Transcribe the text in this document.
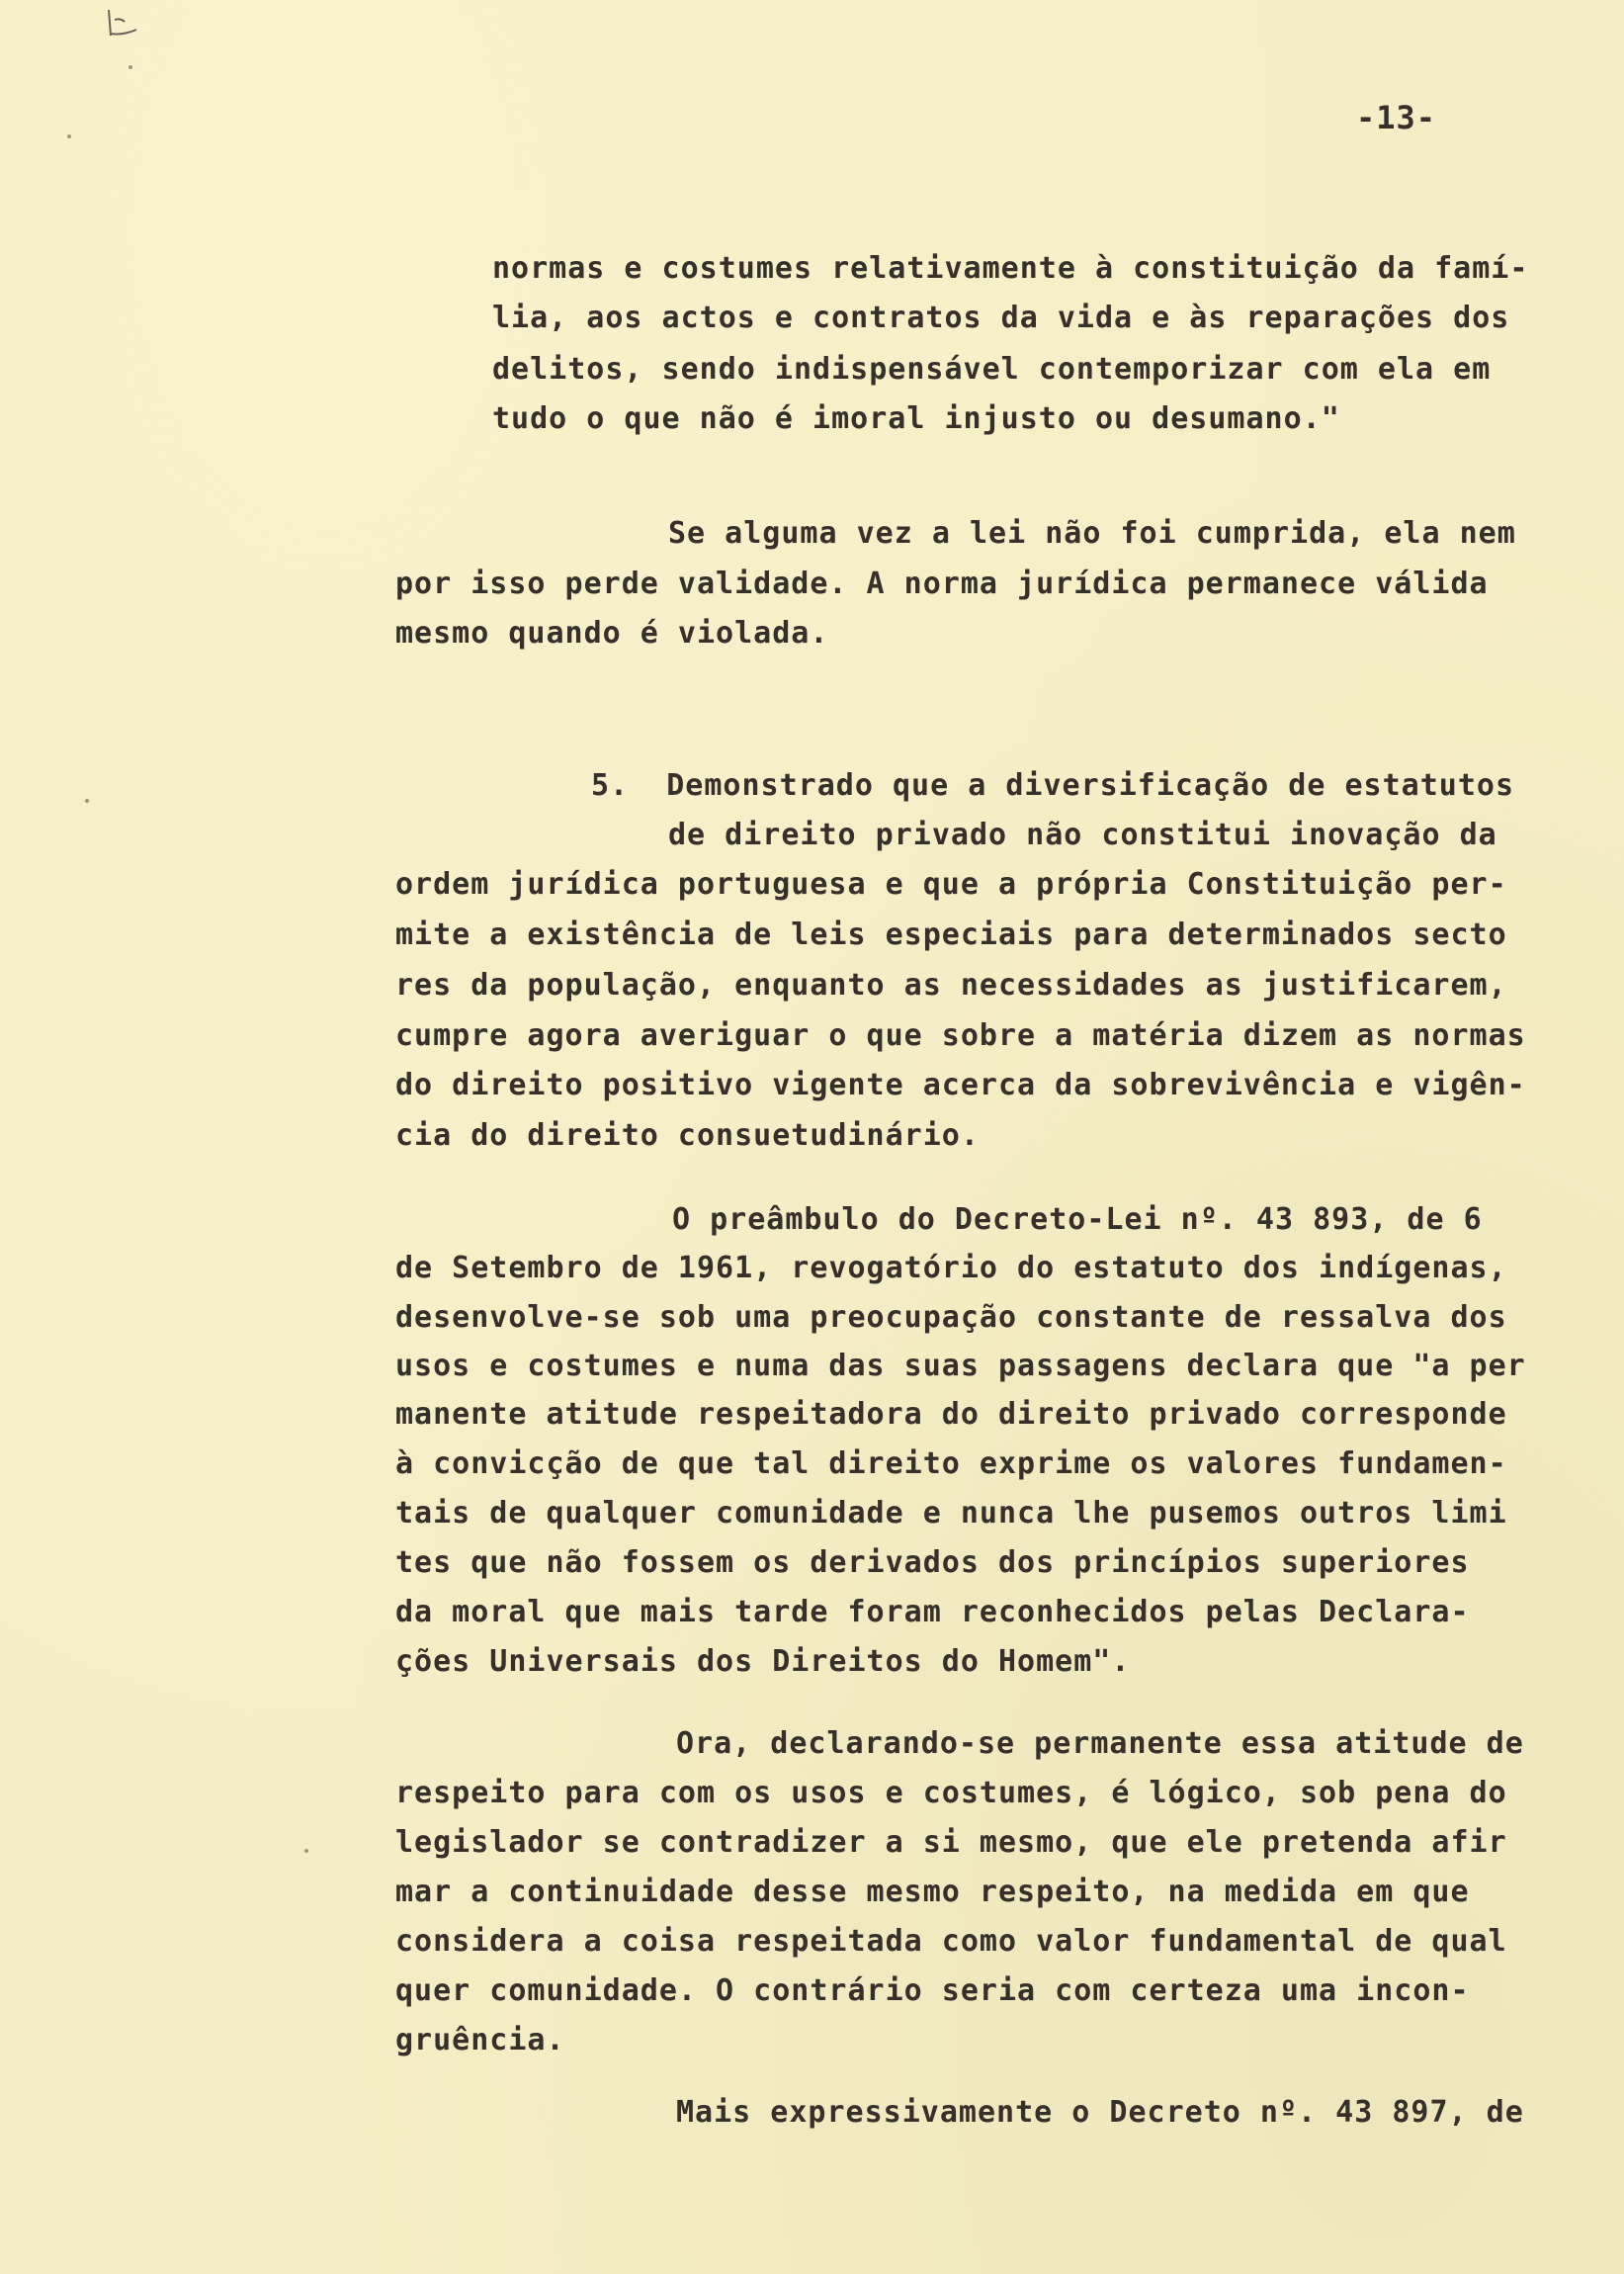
-13-
normas e costumes relativamente à constituição da famí-
lia, aos actos e contratos da vida e às reparações dos
delitos, sendo indispensável contemporizar com ela em
tudo o que não é imoral injusto ou desumano."
Se alguma vez a lei não foi cumprida, ela nem
por isso perde validade. A norma jurídica permanece válida
mesmo quando é violada.
5.  Demonstrado que a diversificação de estatutos
de direito privado não constitui inovação da
ordem jurídica portuguesa e que a própria Constituição per-
mite a existência de leis especiais para determinados secto
res da população, enquanto as necessidades as justificarem,
cumpre agora averiguar o que sobre a matéria dizem as normas
do direito positivo vigente acerca da sobrevivência e vigên-
cia do direito consuetudinário.
O preâmbulo do Decreto-Lei nº. 43 893, de 6
de Setembro de 1961, revogatório do estatuto dos indígenas,
desenvolve-se sob uma preocupação constante de ressalva dos
usos e costumes e numa das suas passagens declara que "a per
manente atitude respeitadora do direito privado corresponde
à convicção de que tal direito exprime os valores fundamen-
tais de qualquer comunidade e nunca lhe pusemos outros limi
tes que não fossem os derivados dos princípios superiores
da moral que mais tarde foram reconhecidos pelas Declara-
ções Universais dos Direitos do Homem".
Ora, declarando-se permanente essa atitude de
respeito para com os usos e costumes, é lógico, sob pena do
legislador se contradizer a si mesmo, que ele pretenda afir
mar a continuidade desse mesmo respeito, na medida em que
considera a coisa respeitada como valor fundamental de qual
quer comunidade. O contrário seria com certeza uma incon-
gruência.
Mais expressivamente o Decreto nº. 43 897, de
